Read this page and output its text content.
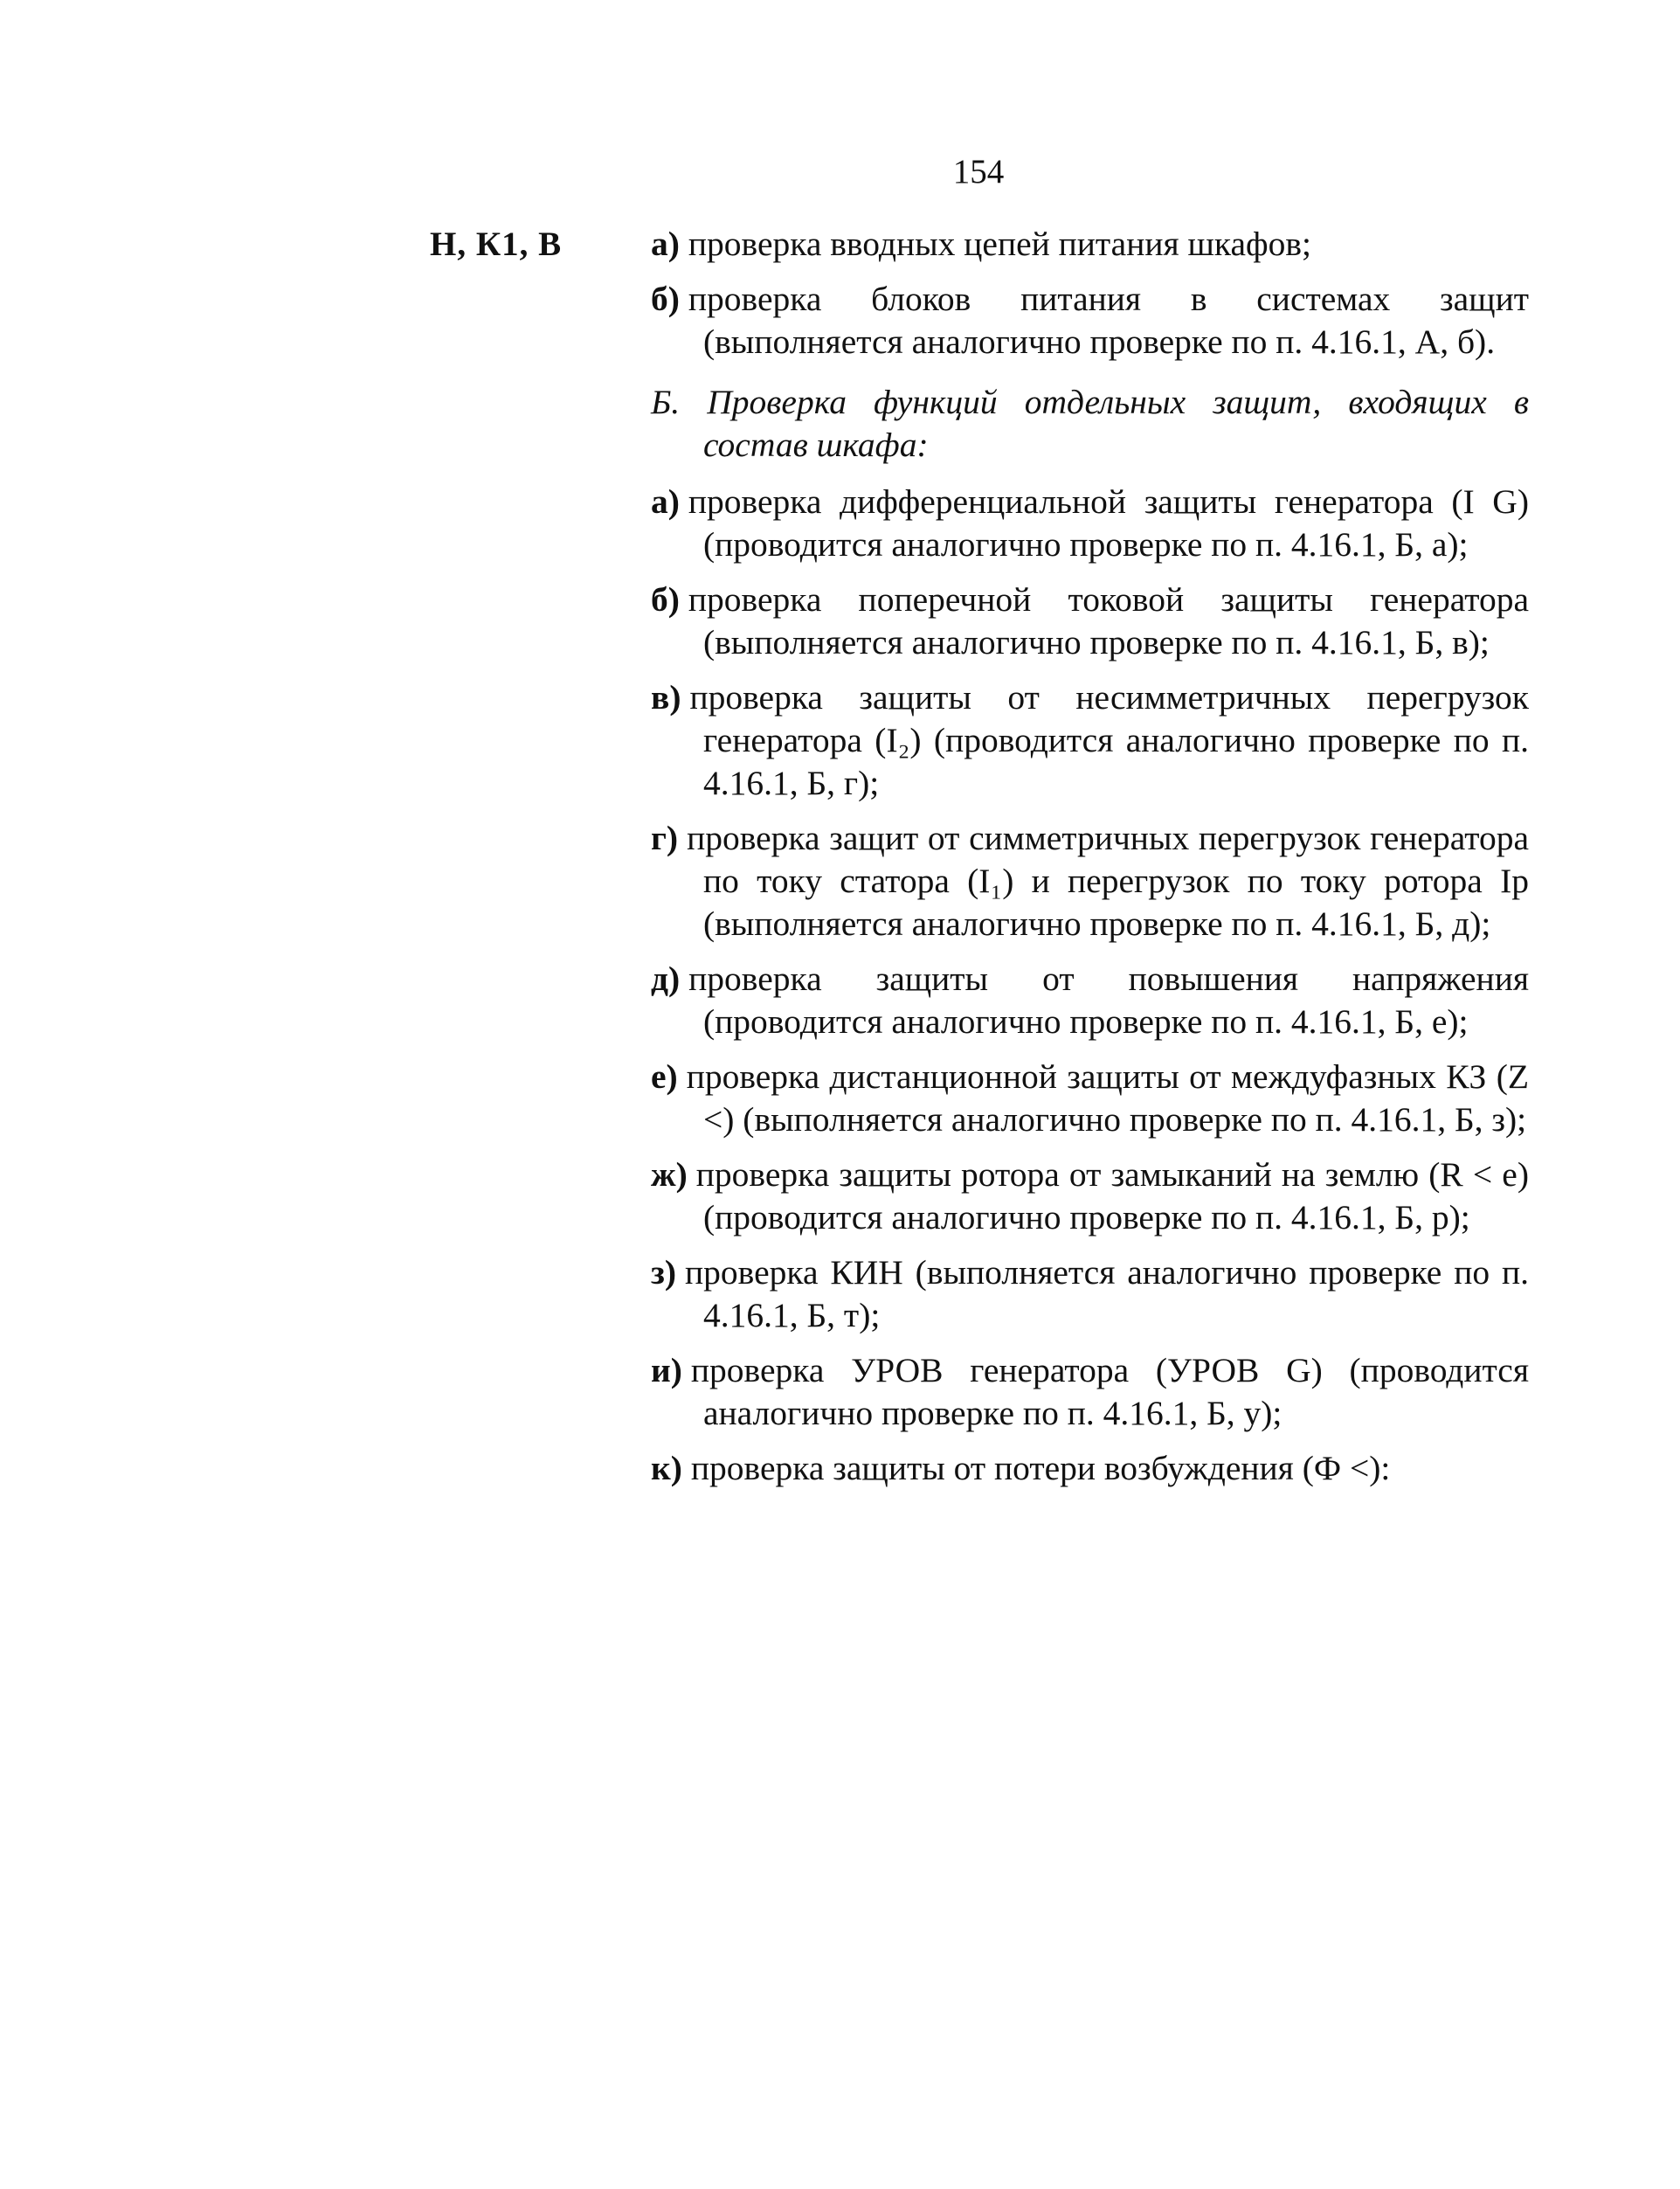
154
Н, К1, В	а) проверка вводных цепей питания шкафов;
б) проверка блоков питания в системах защит (выполняется аналогично проверке по п. 4.16.1, А, б).
Б. Проверка функций отдельных защит, входящих в состав шкафа:
а) проверка дифференциальной защиты генератора (I G) (проводится аналогично проверке по п. 4.16.1, Б, а);
б) проверка поперечной токовой защиты генератора (выполняется аналогично проверке по п. 4.16.1, Б, в);
в) проверка защиты от несимметричных перегрузок генератора (I₂) (проводится аналогично проверке по п. 4.16.1, Б, г);
г) проверка защит от симметричных перегрузок генератора по току статора (I₁) и перегрузок по току ротора Iр (выполняется аналогично проверке по п. 4.16.1, Б, д);
д) проверка защиты от повышения напряжения (проводится аналогично проверке по п. 4.16.1, Б, е);
е) проверка дистанционной защиты от междуфазных КЗ (Z <) (выполняется аналогично проверке по п. 4.16.1, Б, з);
ж) проверка защиты ротора от замыканий на землю (R < е) (проводится аналогично проверке по п. 4.16.1, Б, р);
з) проверка КИН (выполняется аналогично проверке по п. 4.16.1, Б, т);
и) проверка УРОВ генератора (УРОВ G) (проводится аналогично проверке по п. 4.16.1, Б, у);
к) проверка защиты от потери возбуждения (Ф <):
